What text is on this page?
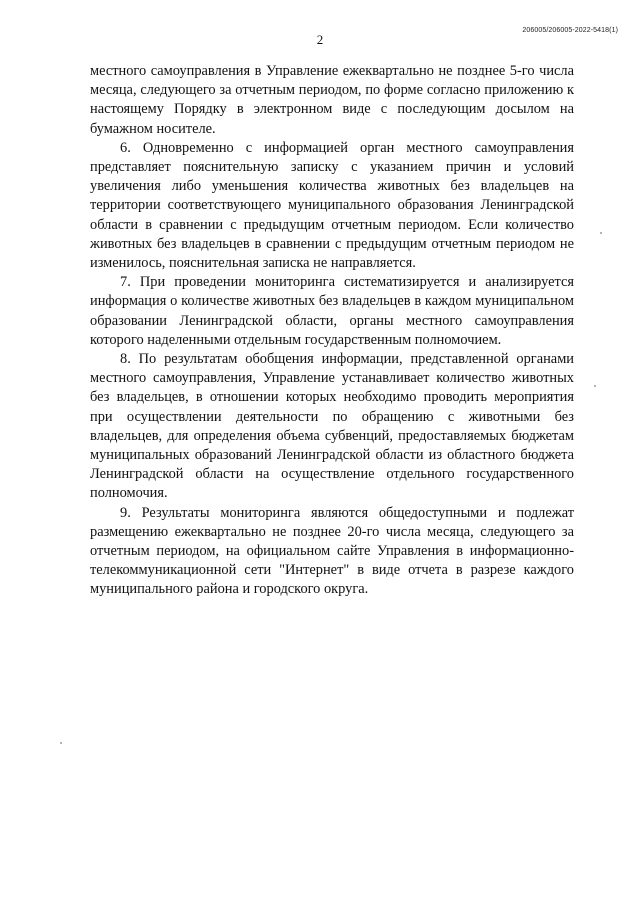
206005/206005-2022-5418(1)
2

местного самоуправления в Управление ежеквартально не позднее 5-го числа месяца, следующего за отчетным периодом, по форме согласно приложению к настоящему Порядку в электронном виде с последующим досылом на бумажном носителе.

6. Одновременно с информацией орган местного самоуправления представляет пояснительную записку с указанием причин и условий увеличения либо уменьшения количества животных без владельцев на территории соответствующего муниципального образования Ленинградской области в сравнении с предыдущим отчетным периодом. Если количество животных без владельцев в сравнении с предыдущим отчетным периодом не изменилось, пояснительная записка не направляется.

7. При проведении мониторинга систематизируется и анализируется информация о количестве животных без владельцев в каждом муниципальном образовании Ленинградской области, органы местного самоуправления которого наделенными отдельным государственным полномочием.

8. По результатам обобщения информации, представленной органами местного самоуправления, Управление устанавливает количество животных без владельцев, в отношении которых необходимо проводить мероприятия при осуществлении деятельности по обращению с животными без владельцев, для определения объема субвенций, предоставляемых бюджетам муниципальных образований Ленинградской области из областного бюджета Ленинградской области на осуществление отдельного государственного полномочия.

9. Результаты мониторинга являются общедоступными и подлежат размещению ежеквартально не позднее 20-го числа месяца, следующего за отчетным периодом, на официальном сайте Управления в информационно-телекоммуникационной сети "Интернет" в виде отчета в разрезе каждого муниципального района и городского округа.
